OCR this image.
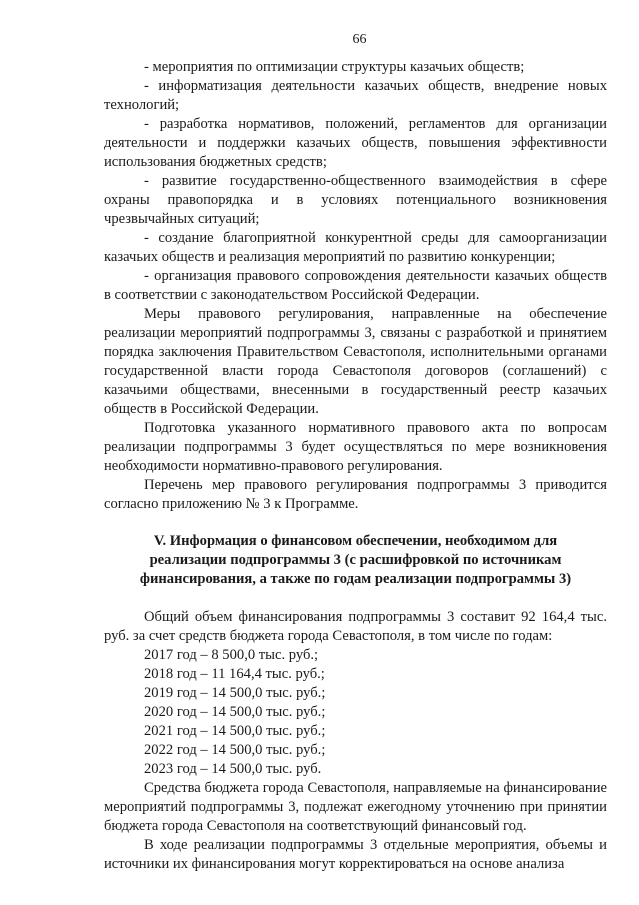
66

- мероприятия по оптимизации структуры казачьих обществ;

- информатизация деятельности казачьих обществ, внедрение новых технологий;

- разработка нормативов, положений, регламентов для организации деятельности и поддержки казачьих обществ, повышения эффективности использования бюджетных средств;

- развитие государственно-общественного взаимодействия в сфере охраны правопорядка и в условиях потенциального возникновения чрезвычайных ситуаций;

- создание благоприятной конкурентной среды для самоорганизации казачьих обществ и реализация мероприятий по развитию конкуренции;

- организация правового сопровождения деятельности казачьих обществ в соответствии с законодательством Российской Федерации.

Меры правового регулирования, направленные на обеспечение реализации мероприятий подпрограммы 3, связаны с разработкой и принятием порядка заключения Правительством Севастополя, исполнительными органами государственной власти города Севастополя договоров (соглашений) с казачьими обществами, внесенными в государственный реестр казачьих обществ в Российской Федерации.

Подготовка указанного нормативного правового акта по вопросам реализации подпрограммы 3 будет осуществляться по мере возникновения необходимости нормативно-правового регулирования.

Перечень мер правового регулирования подпрограммы 3 приводится согласно приложению № 3 к Программе.

V. Информация о финансовом обеспечении, необходимом для
реализации подпрограммы 3 (с расшифровкой по источникам
финансирования, а также по годам реализации подпрограммы 3)

Общий объем финансирования подпрограммы 3 составит 92 164,4 тыс. руб. за счет средств бюджета города Севастополя, в том числе по годам:

2017 год – 8 500,0 тыс. руб.;
2018 год – 11 164,4 тыс. руб.;
2019 год – 14 500,0 тыс. руб.;
2020 год – 14 500,0 тыс. руб.;
2021 год – 14 500,0 тыс. руб.;
2022 год – 14 500,0 тыс. руб.;
2023 год – 14 500,0 тыс. руб.

Средства бюджета города Севастополя, направляемые на финансирование мероприятий подпрограммы 3, подлежат ежегодному уточнению при принятии бюджета города Севастополя на соответствующий финансовый год.

В ходе реализации подпрограммы 3 отдельные мероприятия, объемы и источники их финансирования могут корректироваться на основе анализа
